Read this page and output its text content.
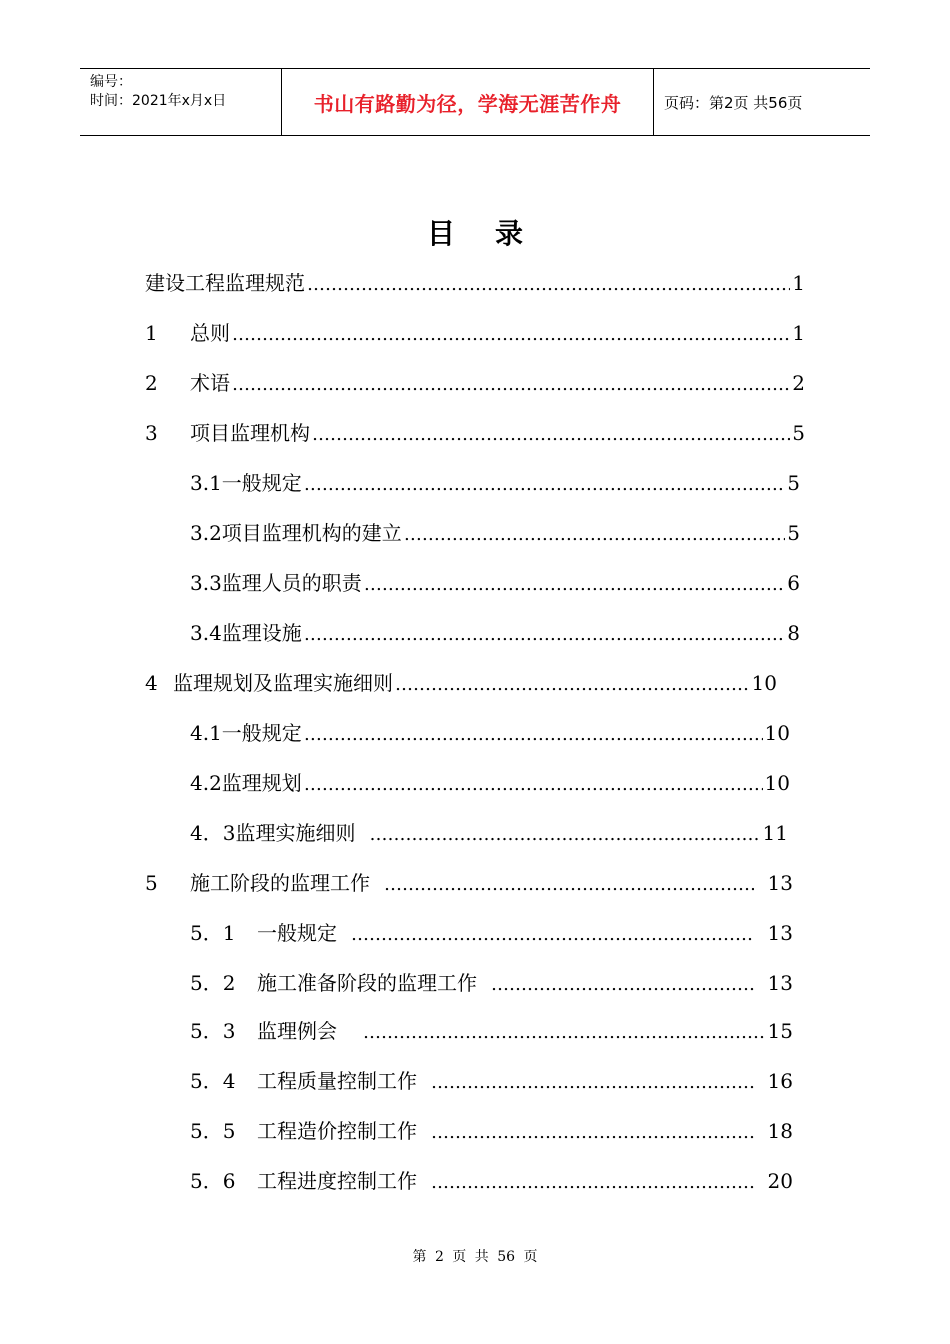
编号：
时间：2021年x月x日	书山有路勤为径，学海无涯苦作舟	页码：第2页 共56页
目 录
建设工程监理规范 ………………………………………………………………………………………………………………………………	1
1	总则 ………………………………………………………………………………………………………………………………	1
2	术语 ………………………………………………………………………………………………………………………………	2
3	项目监理机构 ………………………………………………………………………………………………………………………………	5
3.1一般规定 ………………………………………………………………………………………………………………………………	5
3.2项目监理机构的建立 ………………………………………………………………………………………………………………………………	5
3.3监理人员的职责 ………………………………………………………………………………………………………………………………	6
3.4监理设施 ………………………………………………………………………………………………………………………………	8
4 监理规划及监理实施细则 ………………………………………………………………………………………………………………………………	10
4.1一般规定 ………………………………………………………………………………………………………………………………	10
4.2监理规划 ………………………………………………………………………………………………………………………………	10
4．3监理实施细则 ………………………………………………………………………………………………………………………………	11
5	施工阶段的监理工作 ………………………………………………………………………………………………………………………………	13
5．1	一般规定 ………………………………………………………………………………………………………………………………	13
5．2	施工准备阶段的监理工作 ………………………………………………………………………………………………………………………………	13
5．3	监理例会 ………………………………………………………………………………………………………………………………	15
5．4	工程质量控制工作 ………………………………………………………………………………………………………………………………	16
5．5	工程造价控制工作 ………………………………………………………………………………………………………………………………	18
5．6	工程进度控制工作 ………………………………………………………………………………………………………………………………	20
第 2 页 共 56 页
